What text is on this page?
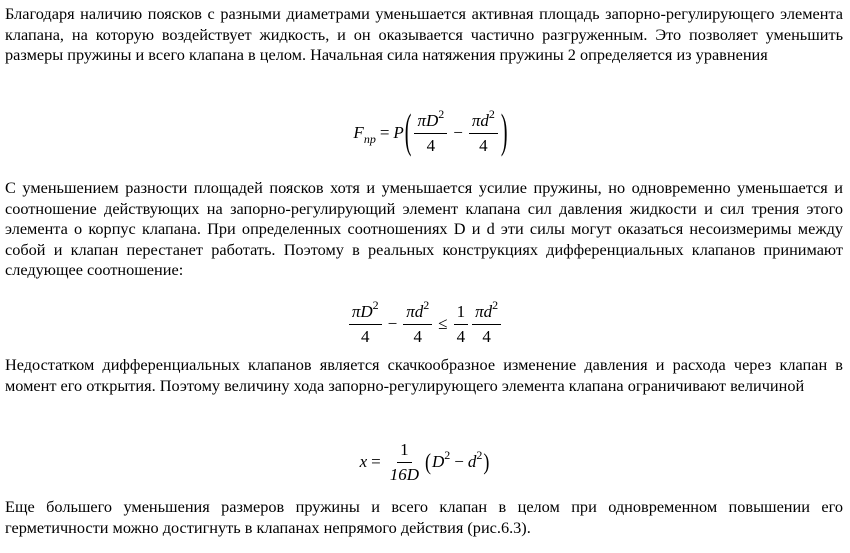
Благодаря наличию поясков с разными диаметрами уменьшается активная площадь запорно-регулирующего элемента клапана, на которую воздействует жидкость, и он оказывается частично разгруженным. Это позволяет уменьшить размеры пружины и всего клапана в целом. Начальная сила натяжения пружины 2 определяется из уравнения

$F_{пр} = P$ ( $\frac{\pi D^2}{4} - \frac{\pi d^2}{4}$ )

С уменьшением разности площадей поясков хотя и уменьшается усилие пружины, но одновременно уменьшается и соотношение действующих на запорно-регулирующий элемент клапана сил давления жидкости и сил трения этого элемента о корпус клапана. При определенных соотношениях D и d эти силы могут оказаться несоизмеримы между собой и клапан перестанет работать. Поэтому в реальных конструкциях дифференциальных клапанов принимают следующее соотношение:

$\frac{\pi D^2}{4} - \frac{\pi d^2}{4} \le \frac{1}{4} \frac{\pi d^2}{4}$

Недостатком дифференциальных клапанов является скачкообразное изменение давления и расхода через клапан в момент его открытия. Поэтому величину хода запорно-регулирующего элемента клапана ограничивают величиной

$x = \frac{1}{16D}$ ( $D^2 - d^2$ )

Еще большего уменьшения размеров пружины и всего клапан в целом при одновременном повышении его герметичности можно достигнуть в клапанах непрямого действия (рис.6.3).
